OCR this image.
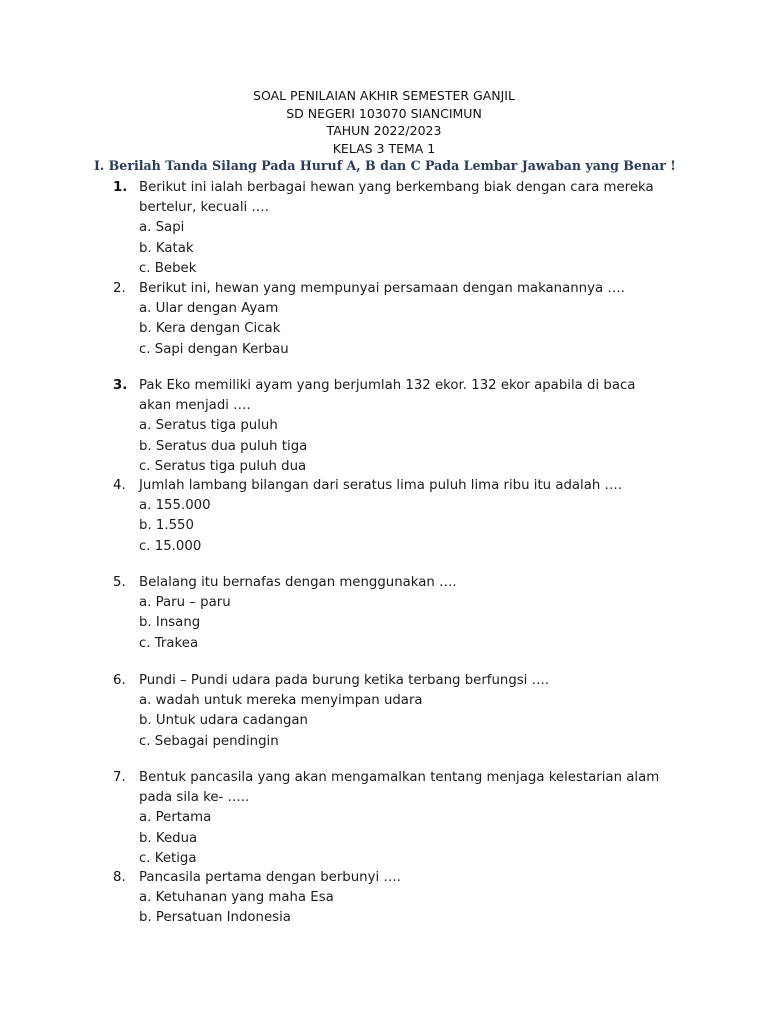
SOAL PENILAIAN AKHIR SEMESTER GANJIL
SD NEGERI 103070 SIANCIMUN
TAHUN 2022/2023
KELAS 3 TEMA 1
I. Berilah Tanda Silang Pada Huruf A, B dan C Pada Lembar Jawaban yang Benar !
1. Berikut ini ialah berbagai hewan yang berkembang biak dengan cara mereka bertelur, kecuali ….
a. Sapi
b. Katak
c. Bebek
2.	Berikut ini, hewan yang mempunyai persamaan dengan makanannya ….
a. Ular dengan Ayam
b. Kera dengan Cicak
c. Sapi dengan Kerbau
3. Pak Eko memiliki ayam yang berjumlah 132 ekor. 132 ekor apabila di baca akan menjadi ….
a. Seratus tiga puluh
b. Seratus dua puluh tiga
c. Seratus tiga puluh dua
4.	Jumlah lambang bilangan dari seratus lima puluh lima ribu itu adalah ….
a. 155.000
b. 1.550
c. 15.000
5.	Belalang itu bernafas dengan menggunakan ….
a. Paru – paru
b. Insang
c. Trakea
6.	Pundi – Pundi udara pada burung ketika terbang berfungsi ….
a. wadah untuk mereka menyimpan udara
b. Untuk udara cadangan
c. Sebagai pendingin
7.	Bentuk pancasila yang akan mengamalkan tentang menjaga kelestarian alam pada sila ke- …..
a. Pertama
b. Kedua
c. Ketiga
8.	Pancasila pertama dengan berbunyi ….
a. Ketuhanan yang maha Esa
b. Persatuan Indonesia
